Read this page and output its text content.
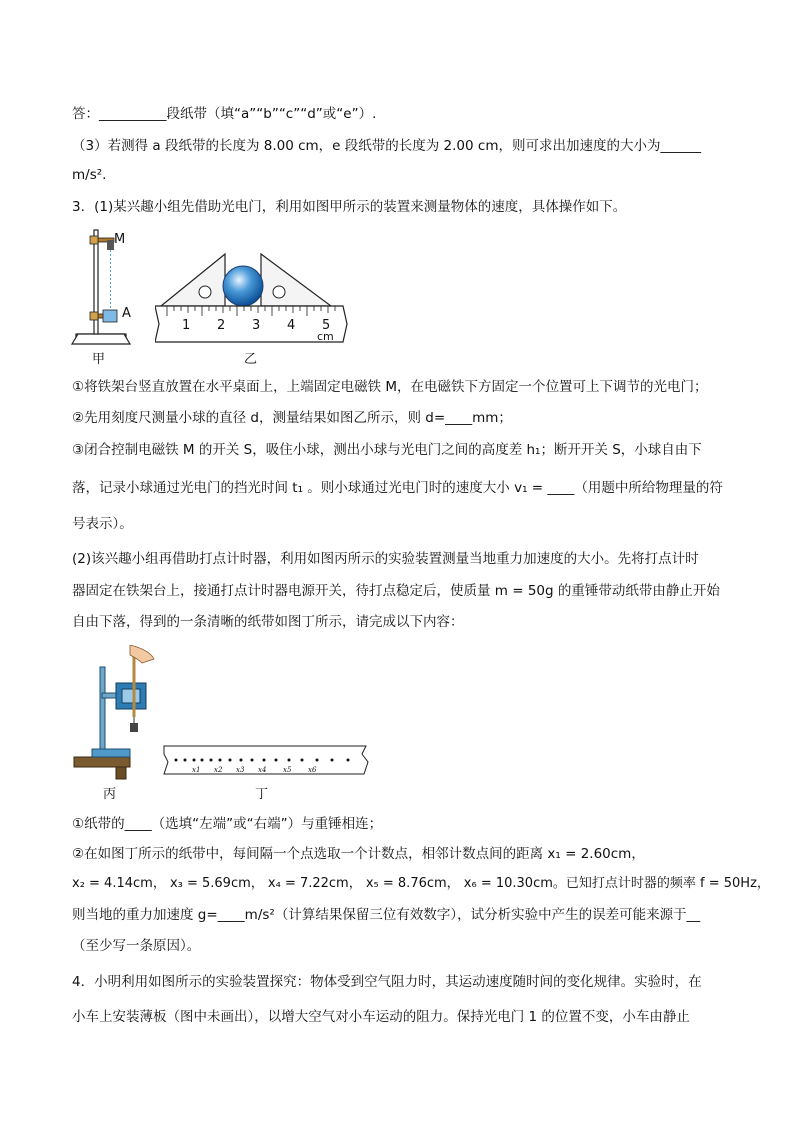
答：__________段纸带（填“a”“b”“c”“d”或“e”）.
（3）若测得 a 段纸带的长度为 8.00 cm，e 段纸带的长度为 2.00 cm，则可求出加速度的大小为______
m/s².
3．(1)某兴趣小组先借助光电门，利用如图甲所示的装置来测量物体的速度，具体操作如下。
M
A
甲
1 2 3 4 5
cm
乙
①将铁架台竖直放置在水平桌面上，上端固定电磁铁 M，在电磁铁下方固定一个位置可上下调节的光电门；
②先用刻度尺测量小球的直径 d，测量结果如图乙所示，则 d=____mm；
③闭合控制电磁铁 M 的开关 S，吸住小球，测出小球与光电门之间的高度差 h₁；断开开关 S，小球自由下
落，记录小球通过光电门的挡光时间 t₁ 。则小球通过光电门时的速度大小 v₁ = ____（用题中所给物理量的符
号表示）。
(2)该兴趣小组再借助打点计时器，利用如图丙所示的实验装置测量当地重力加速度的大小。先将打点计时
器固定在铁架台上，接通打点计时器电源开关，待打点稳定后，使质量 m = 50g 的重锤带动纸带由静止开始
自由下落，得到的一条清晰的纸带如图丁所示，请完成以下内容：
丙
x1 x2 x3 x4 x5 x6
丁
①纸带的____（选填“左端”或“右端”）与重锤相连；
②在如图丁所示的纸带中，每间隔一个点选取一个计数点，相邻计数点间的距离 x₁ = 2.60cm，
x₂ = 4.14cm， x₃ = 5.69cm， x₄ = 7.22cm， x₅ = 8.76cm， x₆ = 10.30cm。已知打点计时器的频率 f = 50Hz，
则当地的重力加速度 g=____m/s²（计算结果保留三位有效数字），试分析实验中产生的误差可能来源于__
（至少写一条原因）。
4．小明利用如图所示的实验装置探究：物体受到空气阻力时，其运动速度随时间的变化规律。实验时，在
小车上安装薄板（图中未画出），以增大空气对小车运动的阻力。保持光电门 1 的位置不变，小车由静止
